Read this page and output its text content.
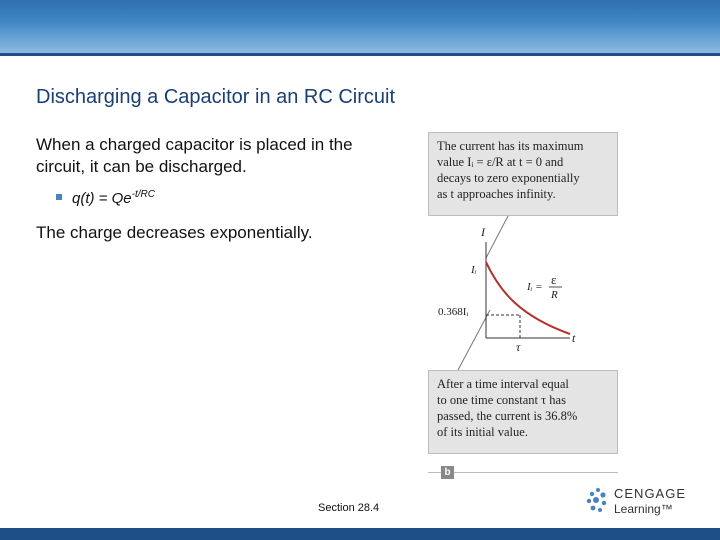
Discharging a Capacitor in an RC Circuit

When a charged capacitor is placed in the circuit, it can be discharged.

$q(t) = Qe^{-t/RC}$

The charge decreases exponentially.	I
t
Iᵢ
0.368Iᵢ
τ
Iᵢ = ε
R
The current has its maximum
value Iᵢ = ε/R at t = 0 and
decays to zero exponentially
as t approaches infinity.
After a time interval equal
to one time constant τ has
passed, the current is 36.8%
of its initial value.
b
Section 28.4
CENGAGE
Learning™
